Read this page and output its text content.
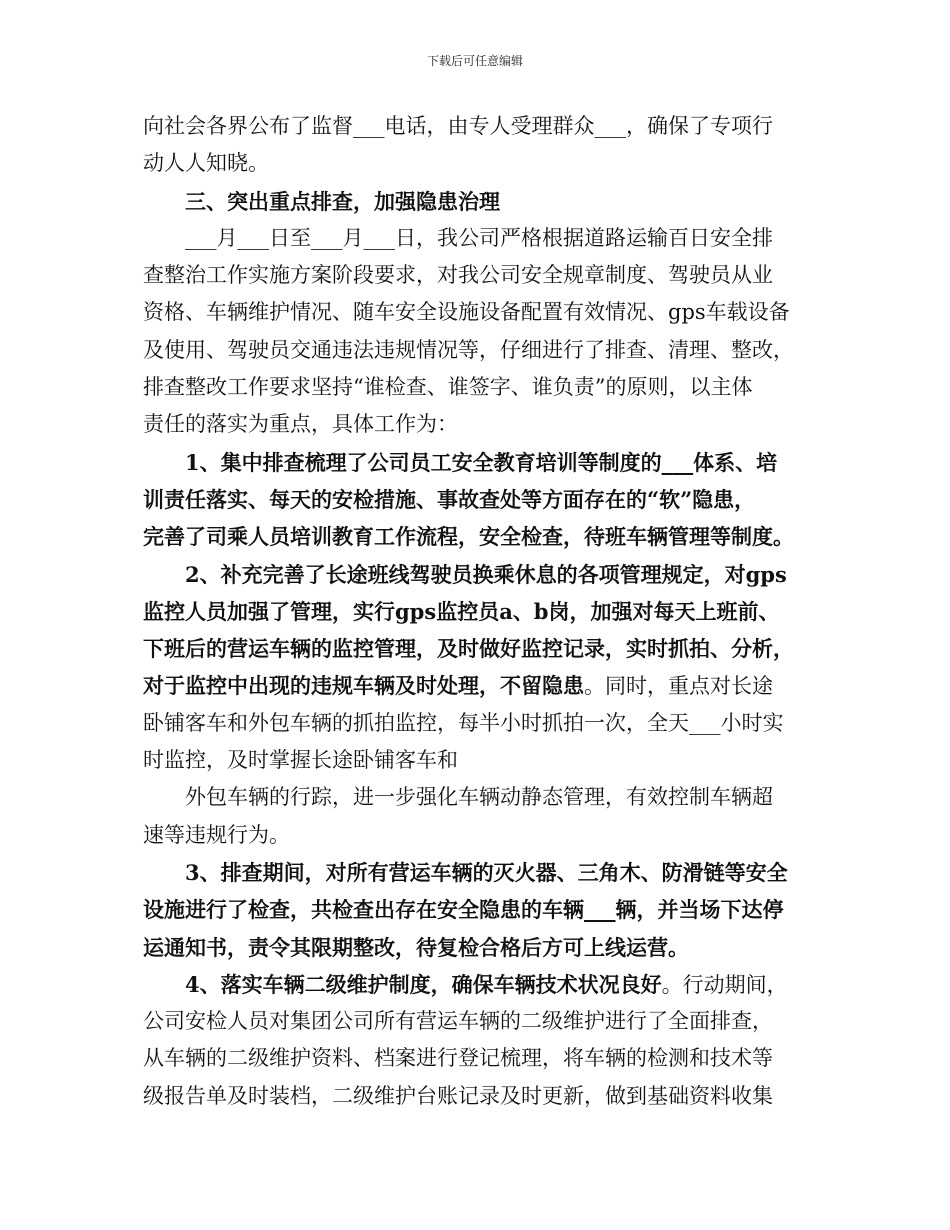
下载后可任意编辑
向社会各界公布了监督___电话，由专人受理群众___，确保了专项行
动人人知晓。
三、突出重点排查，加强隐患治理
___月___日至___月___日，我公司严格根据道路运输百日安全排
查整治工作实施方案阶段要求，对我公司安全规章制度、驾驶员从业
资格、车辆维护情况、随车安全设施设备配置有效情况、gps车载设备
及使用、驾驶员交通违法违规情况等，仔细进行了排查、清理、整改，
排查整改工作要求坚持“谁检查、谁签字、谁负责”的原则，以主体
责任的落实为重点，具体工作为：
1、集中排查梳理了公司员工安全教育培训等制度的___体系、培
训责任落实、每天的安检措施、事故查处等方面存在的“软”隐患，
完善了司乘人员培训教育工作流程，安全检查，待班车辆管理等制度。
2、补充完善了长途班线驾驶员换乘休息的各项管理规定，对gps
监控人员加强了管理，实行gps监控员a、b岗，加强对每天上班前、
下班后的营运车辆的监控管理，及时做好监控记录，实时抓拍、分析，
对于监控中出现的违规车辆及时处理，不留隐患。同时，重点对长途
卧铺客车和外包车辆的抓拍监控，每半小时抓拍一次，全天___小时实
时监控，及时掌握长途卧铺客车和
外包车辆的行踪，进一步强化车辆动静态管理，有效控制车辆超
速等违规行为。
3、排查期间，对所有营运车辆的灭火器、三角木、防滑链等安全
设施进行了检查，共检查出存在安全隐患的车辆___辆，并当场下达停
运通知书，责令其限期整改，待复检合格后方可上线运营。
4、落实车辆二级维护制度，确保车辆技术状况良好。行动期间，
公司安检人员对集团公司所有营运车辆的二级维护进行了全面排查，
从车辆的二级维护资料、档案进行登记梳理，将车辆的检测和技术等
级报告单及时装档，二级维护台账记录及时更新，做到基础资料收集
